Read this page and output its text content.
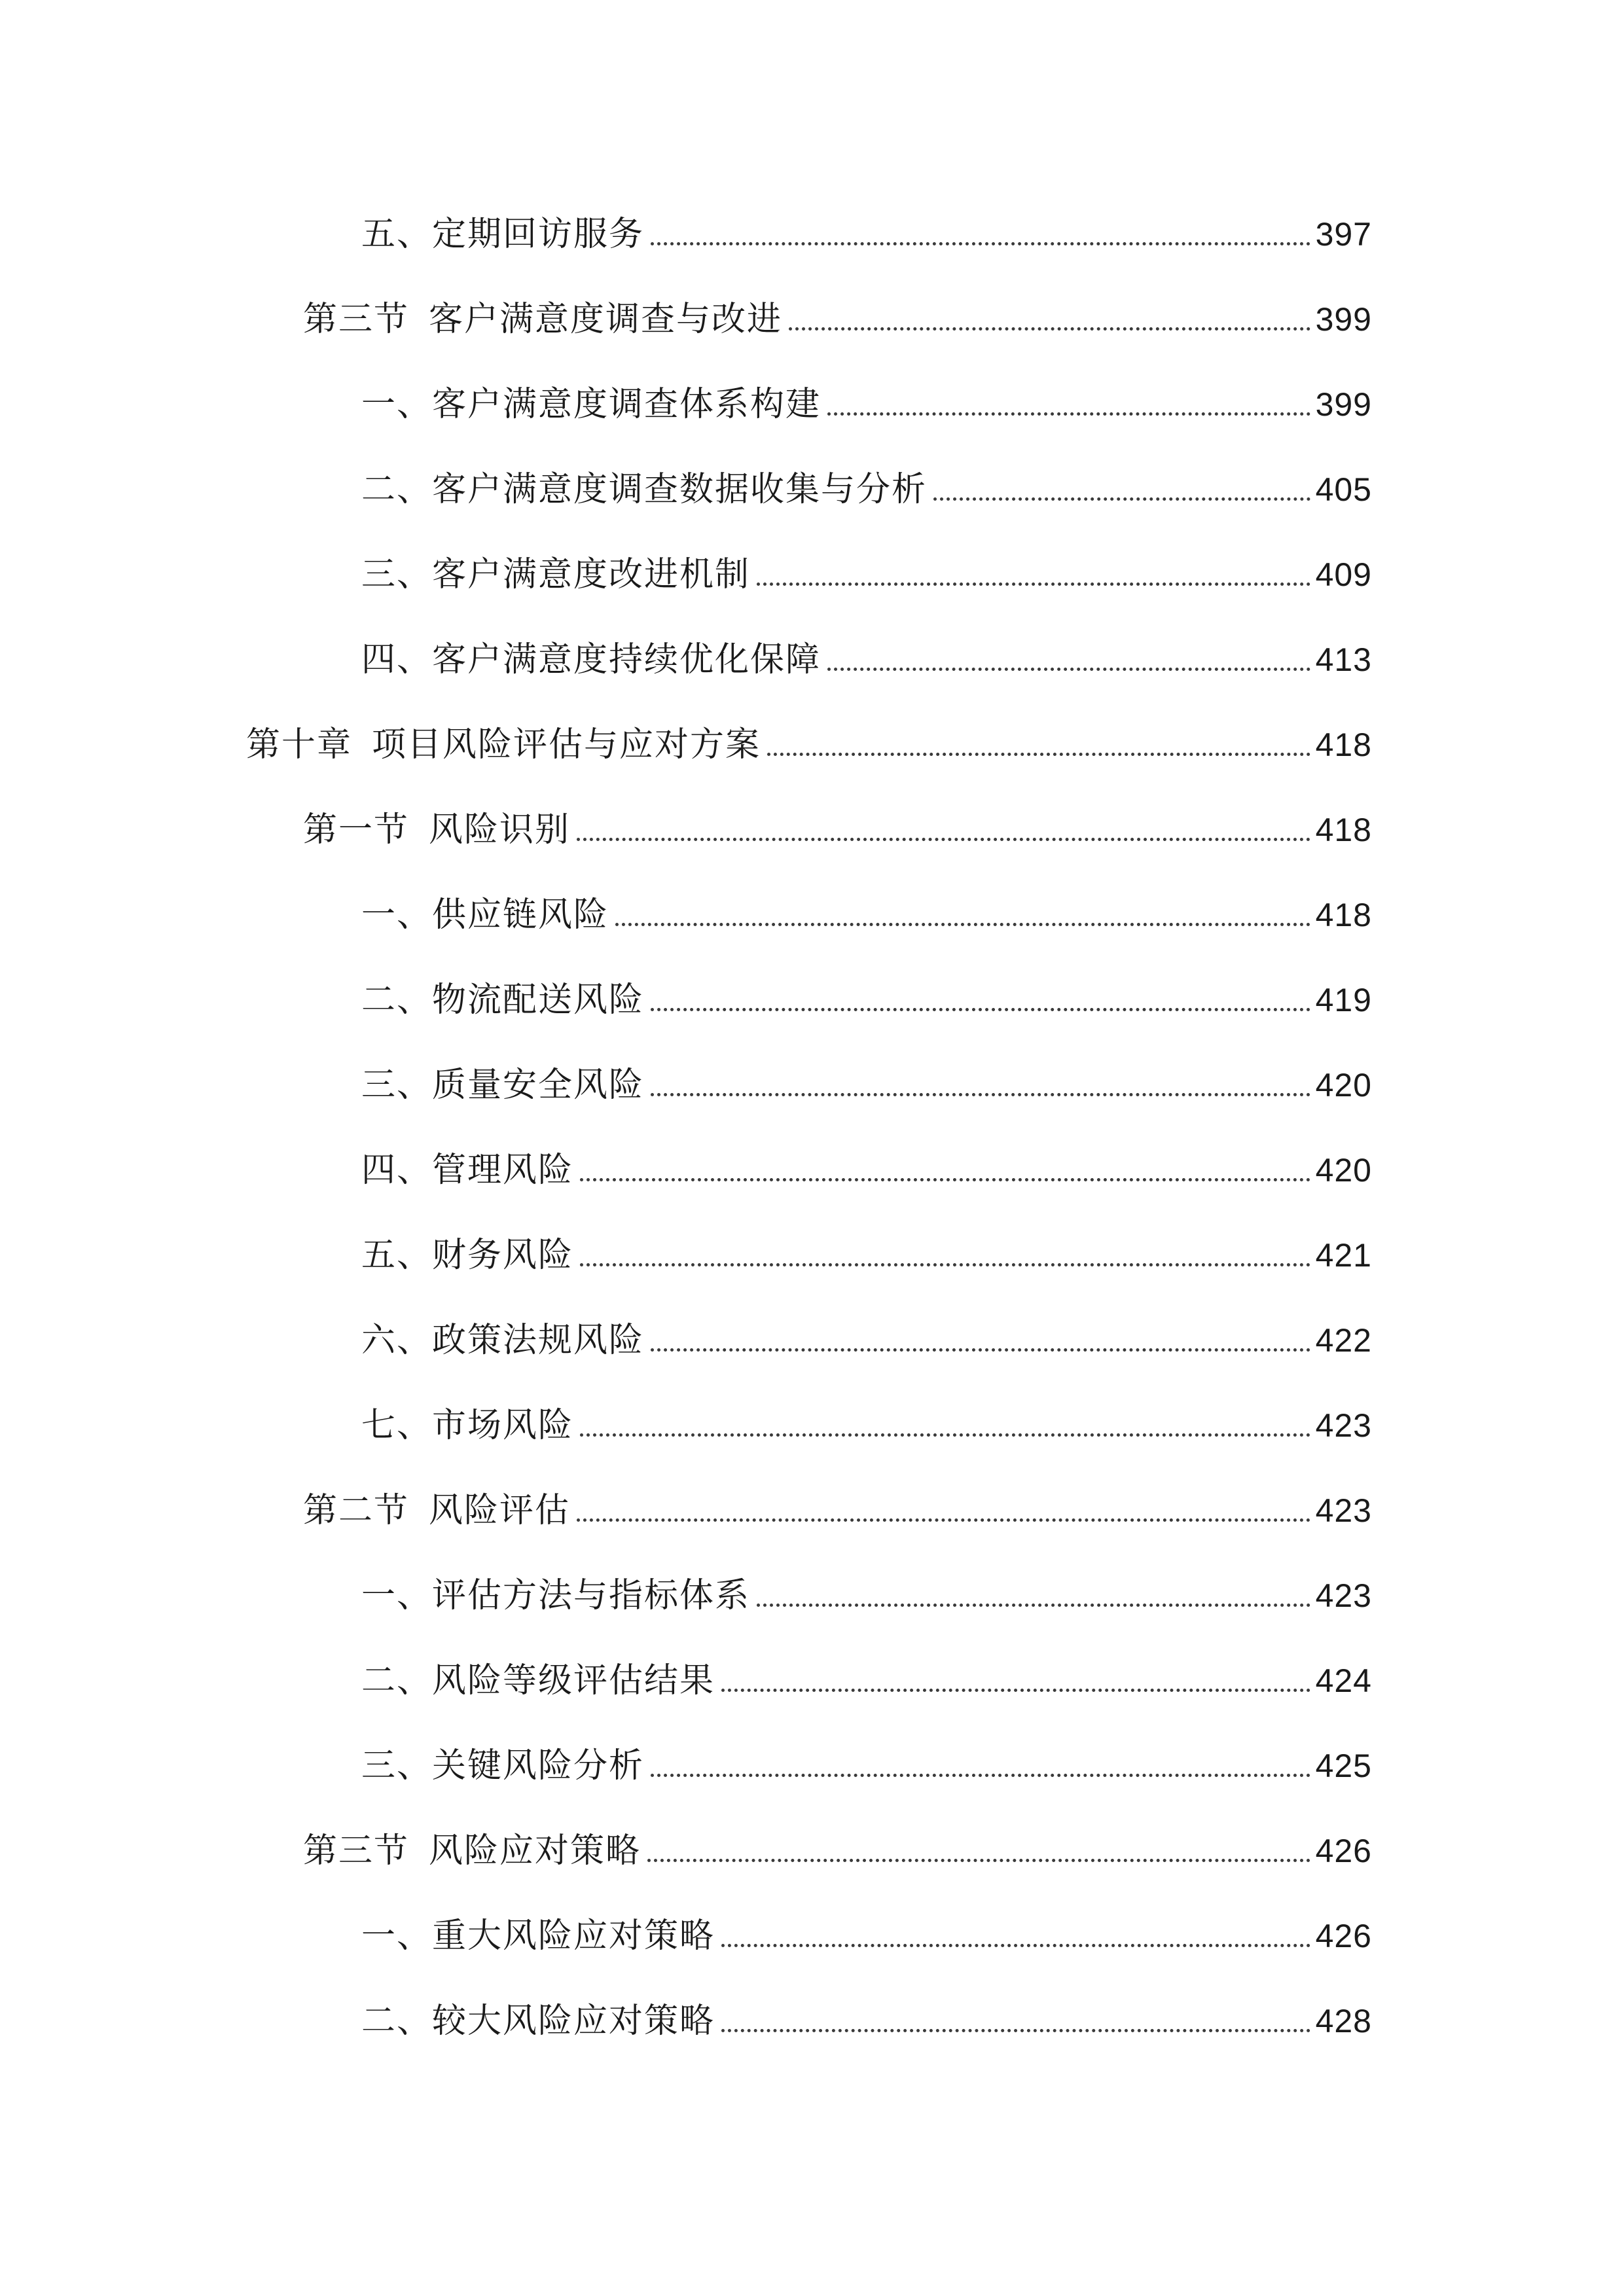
五、定期回访服务	397
第三节 客户满意度调查与改进	399
一、客户满意度调查体系构建	399
二、客户满意度调查数据收集与分析	405
三、客户满意度改进机制	409
四、客户满意度持续优化保障	413
第十章 项目风险评估与应对方案	418
第一节 风险识别	418
一、供应链风险	418
二、物流配送风险	419
三、质量安全风险	420
四、管理风险	420
五、财务风险	421
六、政策法规风险	422
七、市场风险	423
第二节 风险评估	423
一、评估方法与指标体系	423
二、风险等级评估结果	424
三、关键风险分析	425
第三节 风险应对策略	426
一、重大风险应对策略	426
二、较大风险应对策略	428
